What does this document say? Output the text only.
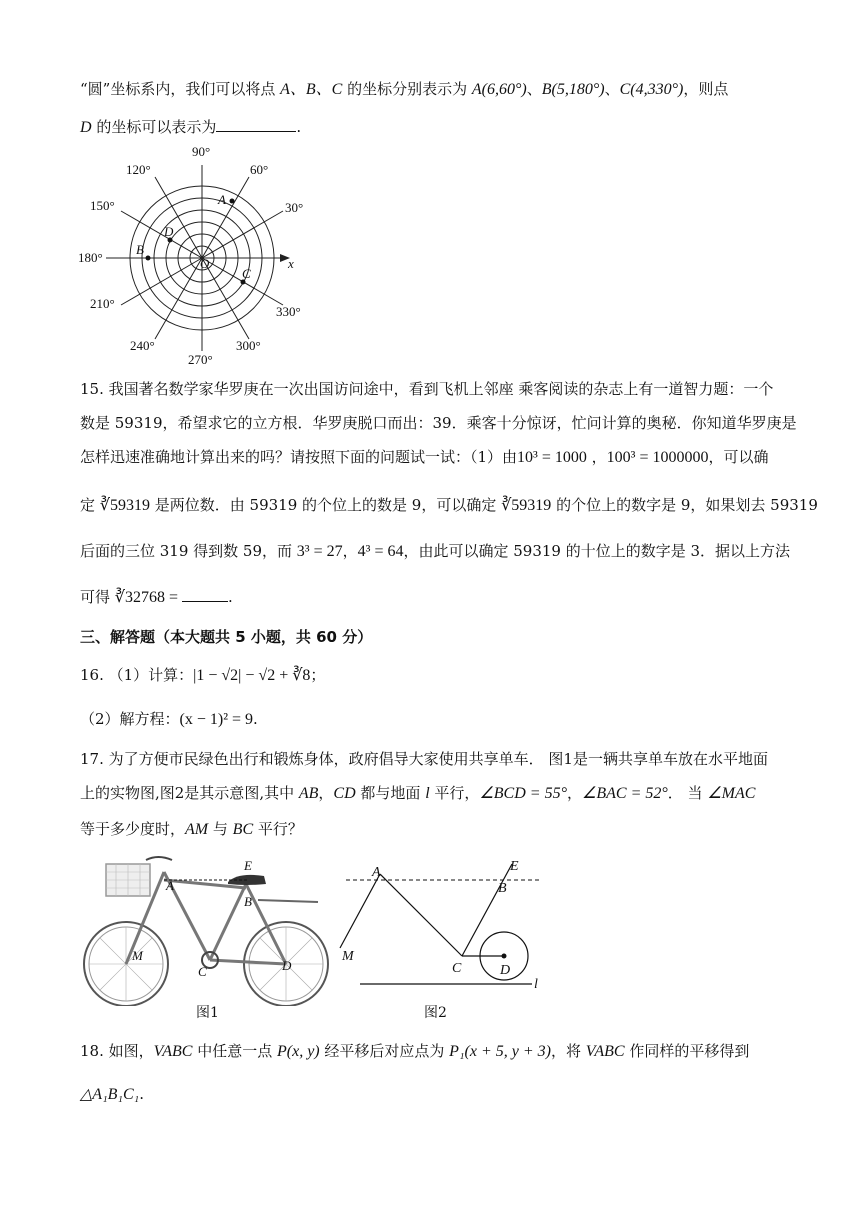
“圆”坐标系内，我们可以将点 A、B、C 的坐标分别表示为 A(6,60°)、B(5,180°)、C(4,330°)，则点
D 的坐标可以表示为	.
90°
120°	60°
150°	30°
180°
210°
330°
240°	300°
270°
x
O
A
B
C
D
15. 我国著名数学家华罗庚在一次出国访问途中，看到飞机上邻座 乘客阅读的杂志上有一道智力题：一个
数是 59319，希望求它的立方根．华罗庚脱口而出：39．乘客十分惊讶，忙问计算的奥秘．你知道华罗庚是
怎样迅速准确地计算出来的吗？请按照下面的问题试一试：（1）由10³ = 1000 ，100³ = 1000000，可以确
定 ∛59319 是两位数．由 59319 的个位上的数是 9，可以确定 ∛59319 的个位上的数字是 9，如果划去 59319
后面的三位 319 得到数 59，而 3³ = 27，4³ = 64，由此可以确定 59319 的十位上的数字是 3．据以上方法
可得 ∛32768 =	.
三、解答题（本大题共 5 小题，共 60 分）
16. （1）计算：|1 − √2| − √2 + ∛8；
（2）解方程：(x − 1)² = 9.
17. 为了方便市民绿色出行和锻炼身体，政府倡导大家使用共享单车． 图1是一辆共享单车放在水平地面
上的实物图,图2是其示意图,其中 AB，CD 都与地面 l 平行，∠BCD = 55°，∠BAC = 52°． 当 ∠MAC
等于多少度时，AM 与 BC 平行？
E
A
B
M
C	D
图1
A	E
B
M
C	D
l
图2
18. 如图，VABC 中任意一点 P(x, y) 经平移后对应点为 P₁(x + 5, y + 3)，将 VABC 作同样的平移得到
△A₁B₁C₁.
